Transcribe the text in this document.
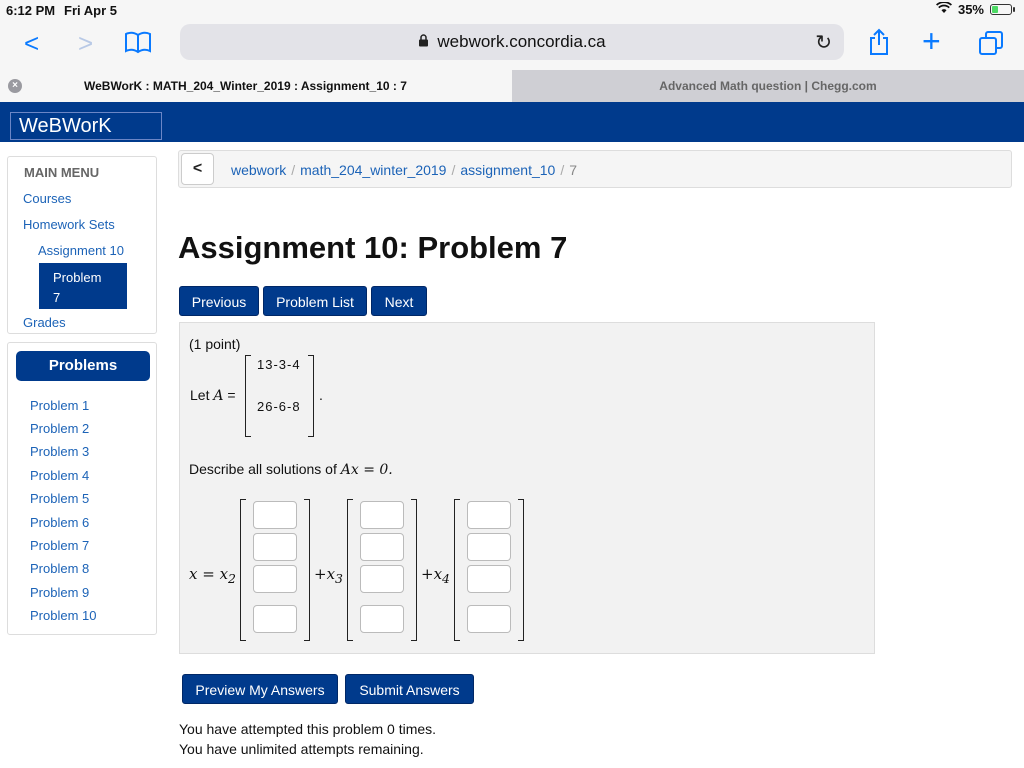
6:12 PM Fri Apr 5	35%
< >	webwork.concordia.ca	↻	+
×	WeBWorK : MATH_204_Winter_2019 : Assignment_10 : 7	Advanced Math question | Chegg.com
WeBWorK
MAIN MENU
Courses
Homework Sets
Assignment 10
Problem
7
Grades
Problems
Problem 1
Problem 2
Problem 3
Problem 4
Problem 5
Problem 6
Problem 7
Problem 8
Problem 9
Problem 10
<	webwork / math_204_winter_2019 / assignment_10 / 7
Assignment 10: Problem 7
Previous	Problem List	Next
(1 point)
Let A =
13-3-4
26-6-8
.
Describe all solutions of Ax = 0.
$x = x_2$	$+x_3$	$+x_4$
Preview My Answers	Submit Answers
You have attempted this problem 0 times.
You have unlimited attempts remaining.
